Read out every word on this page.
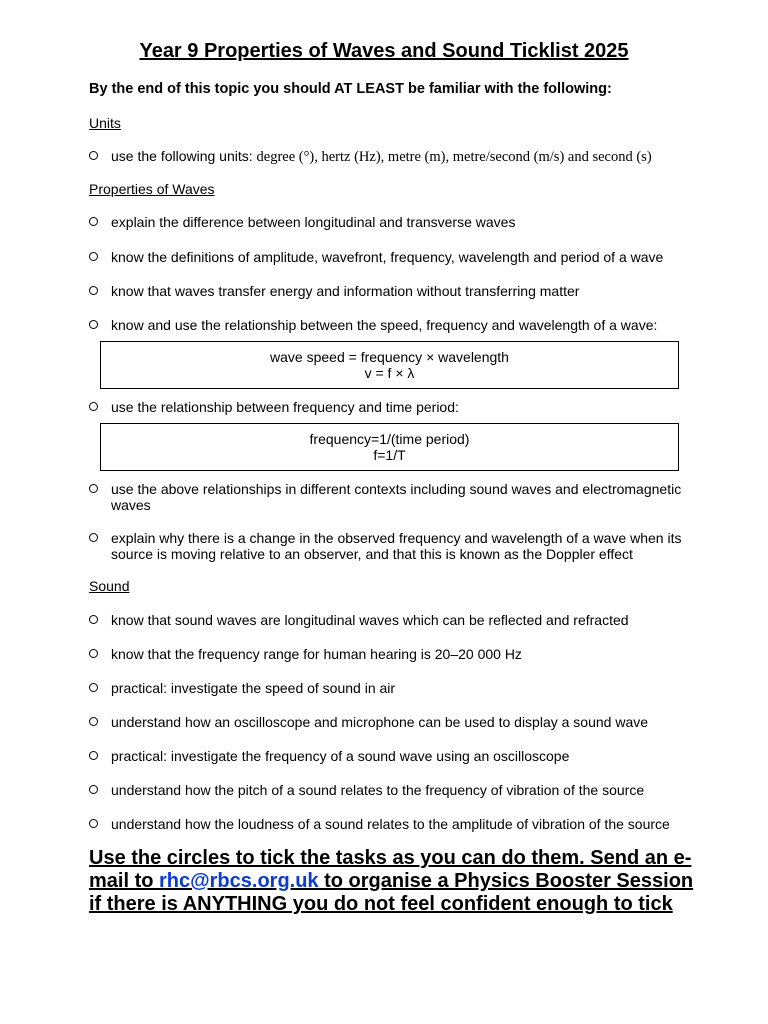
Year 9 Properties of Waves and Sound Ticklist 2025
By the end of this topic you should AT LEAST be familiar with the following:
Units
use the following units: degree (°), hertz (Hz), metre (m), metre/second (m/s) and second (s)
Properties of Waves
explain the difference between longitudinal and transverse waves
know the definitions of amplitude, wavefront, frequency, wavelength and period of a wave
know that waves transfer energy and information without transferring matter
know and use the relationship between the speed, frequency and wavelength of a wave:
wave speed = frequency × wavelength
v = f × λ
use the relationship between frequency and time period:
frequency=1/(time period)
f=1/T
use the above relationships in different contexts including sound waves and electromagnetic waves
explain why there is a change in the observed frequency and wavelength of a wave when its source is moving relative to an observer, and that this is known as the Doppler effect
Sound
know that sound waves are longitudinal waves which can be reflected and refracted
know that the frequency range for human hearing is 20–20 000 Hz
practical: investigate the speed of sound in air
understand how an oscilloscope and microphone can be used to display a sound wave
practical: investigate the frequency of a sound wave using an oscilloscope
understand how the pitch of a sound relates to the frequency of vibration of the source
understand how the loudness of a sound relates to the amplitude of vibration of the source
Use the circles to tick the tasks as you can do them. Send an e-mail to rhc@rbcs.org.uk to organise a Physics Booster Session if there is ANYTHING you do not feel confident enough to tick
